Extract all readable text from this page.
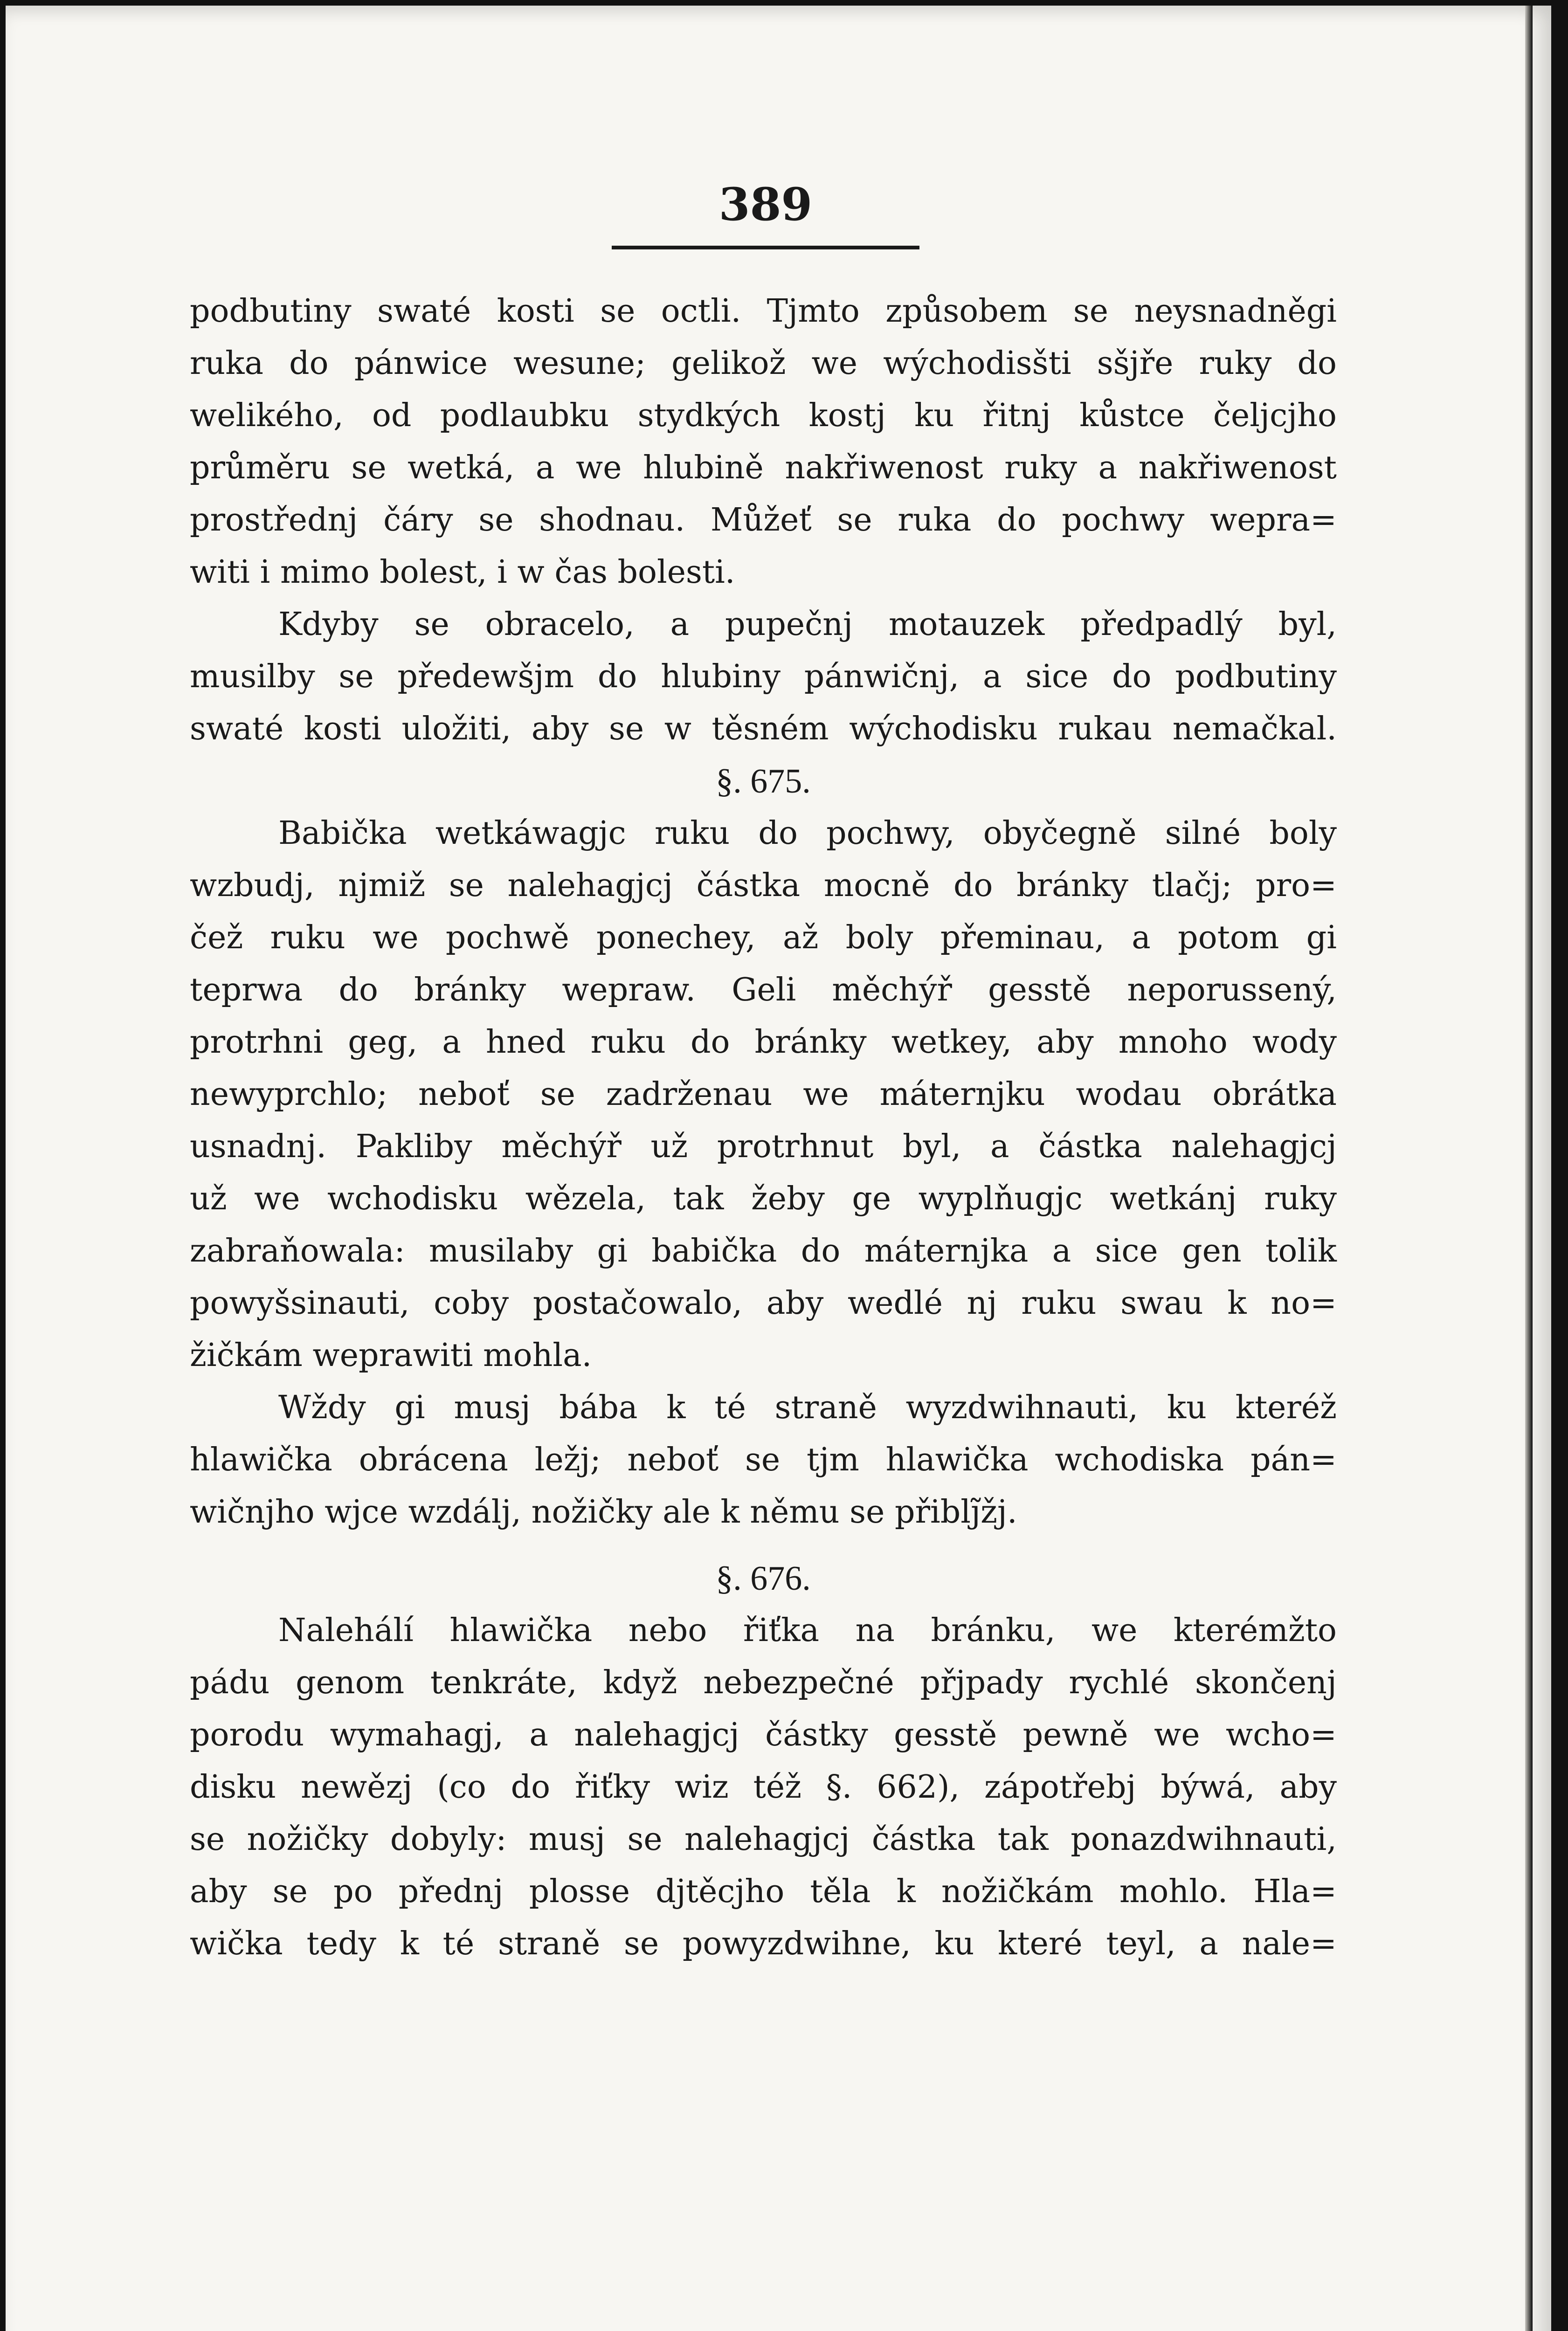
389
podbutiny swaté kosti se octli. Tjmto způsobem se neysnadněgi
ruka do pánwice wesune; gelikož we wýchodisšti sšjře ruky do
welikého, od podlaubku stydkých kostj ku řitnj kůstce čeljcjho
průměru se wetká, a we hlubině nakřiwenost ruky a nakřiwenost
prostřednj čáry se shodnau. Můžeť se ruka do pochwy wepra=
witi i mimo bolest, i w čas bolesti.
Kdyby se obracelo, a pupečnj motauzek předpadlý byl,
musilby se předewšjm do hlubiny pánwičnj, a sice do podbutiny
swaté kosti uložiti, aby se w těsném wýchodisku rukau nemačkal.
§. 675.
Babička wetkáwagjc ruku do pochwy, obyčegně silné boly
wzbudj, njmiž se nalehagjcj částka mocně do bránky tlačj; pro=
čež ruku we pochwě ponechey, až boly přeminau, a potom gi
teprwa do bránky wepraw. Geli měchýř gesstě neporussený,
protrhni geg, a hned ruku do bránky wetkey, aby mnoho wody
newyprchlo; neboť se zadrženau we máternjku wodau obrátka
usnadnj. Pakliby měchýř už protrhnut byl, a částka nalehagjcj
už we wchodisku wězela, tak žeby ge wyplňugjc wetkánj ruky
zabraňowala: musilaby gi babička do máternjka a sice gen tolik
powyšsinauti, coby postačowalo, aby wedlé nj ruku swau k no=
žičkám weprawiti mohla.
Wždy gi musj bába k té straně wyzdwihnauti, ku kteréž
hlawička obrácena ležj; neboť se tjm hlawička wchodiska pán=
wičnjho wjce wzdálj, nožičky ale k němu se přiblj̃žj.
§. 676.
Nalehálí hlawička nebo řiťka na bránku, we kterémžto
pádu genom tenkráte, když nebezpečné přjpady rychlé skončenj
porodu wymahagj, a nalehagjcj částky gesstě pewně we wcho=
disku newězj (co do řiťky wiz též §. 662), zápotřebj býwá, aby
se nožičky dobyly: musj se nalehagjcj částka tak ponazdwihnauti,
aby se po přednj plosse djtěcjho těla k nožičkám mohlo. Hla=
wička tedy k té straně se powyzdwihne, ku které teyl, a nale=
